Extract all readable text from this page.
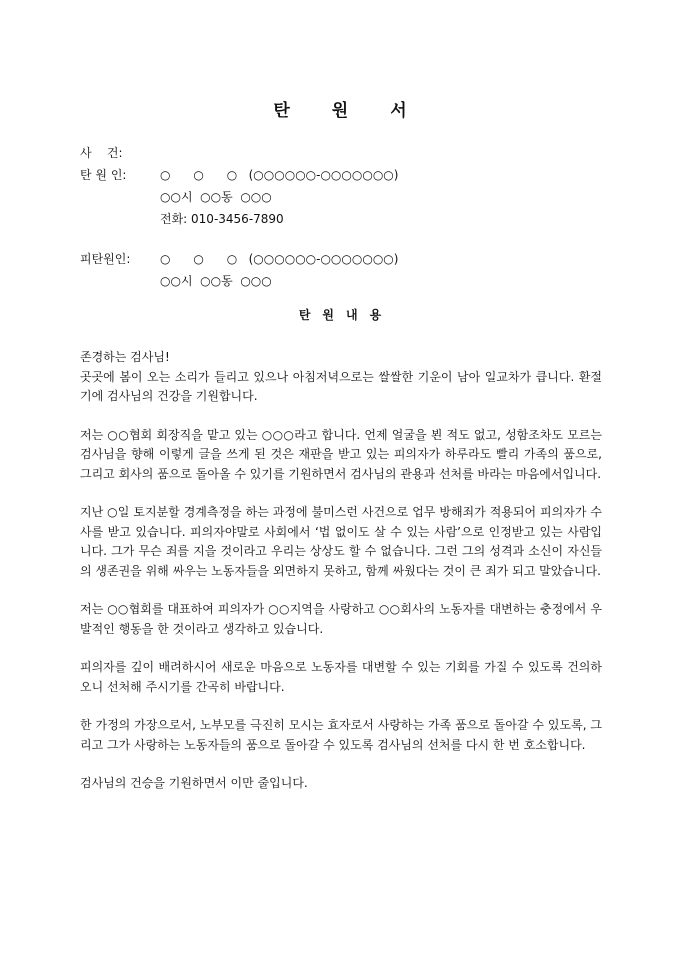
탄 원 서
사    건:
탄 원 인:	○      ○      ○   (○○○○○○-○○○○○○○)
○○시  ○○동  ○○○
전화: 010-3456-7890
피탄원인:	○      ○      ○   (○○○○○○-○○○○○○○)
○○시  ○○동  ○○○
탄 원 내 용

존경하는 검사님!

곳곳에 봄이 오는 소리가 들리고 있으나 아침저녁으로는 쌀쌀한 기운이 남아 일교차가 큽니다. 환절기에 검사님의 건강을 기원합니다.

저는 ○○협회 회장직을 맡고 있는 ○○○라고 합니다. 언제 얼굴을 뵌 적도 없고, 성함조차도 모르는 검사님을 향해 이렇게 글을 쓰게 된 것은 재판을 받고 있는 피의자가 하루라도 빨리 가족의 품으로, 그리고 회사의 품으로 돌아올 수 있기를 기원하면서 검사님의 관용과 선처를 바라는 마음에서입니다.

지난 ○일 토지분할 경계측정을 하는 과정에 불미스런 사건으로 업무 방해죄가 적용되어 피의자가 수사를 받고 있습니다. 피의자야말로 사회에서 ‘법 없이도 살 수 있는 사람’으로 인정받고 있는 사람입니다. 그가 무슨 죄를 지을 것이라고 우리는 상상도 할 수 없습니다. 그런 그의 성격과 소신이 자신들의 생존권을 위해 싸우는 노동자들을 외면하지 못하고, 함께 싸웠다는 것이 큰 죄가 되고 말았습니다.

저는 ○○협회를 대표하여 피의자가 ○○지역을 사랑하고 ○○회사의 노동자를 대변하는 충정에서 우발적인 행동을 한 것이라고 생각하고 있습니다.

피의자를 깊이 배려하시어 새로운 마음으로 노동자를 대변할 수 있는 기회를 가질 수 있도록 건의하오니 선처해 주시기를 간곡히 바랍니다.

한 가정의 가장으로서, 노부모를 극진히 모시는 효자로서 사랑하는 가족 품으로 돌아갈 수 있도록, 그리고 그가 사랑하는 노동자들의 품으로 돌아갈 수 있도록 검사님의 선처를 다시 한 번 호소합니다.

검사님의 건승을 기원하면서 이만 줄입니다.
